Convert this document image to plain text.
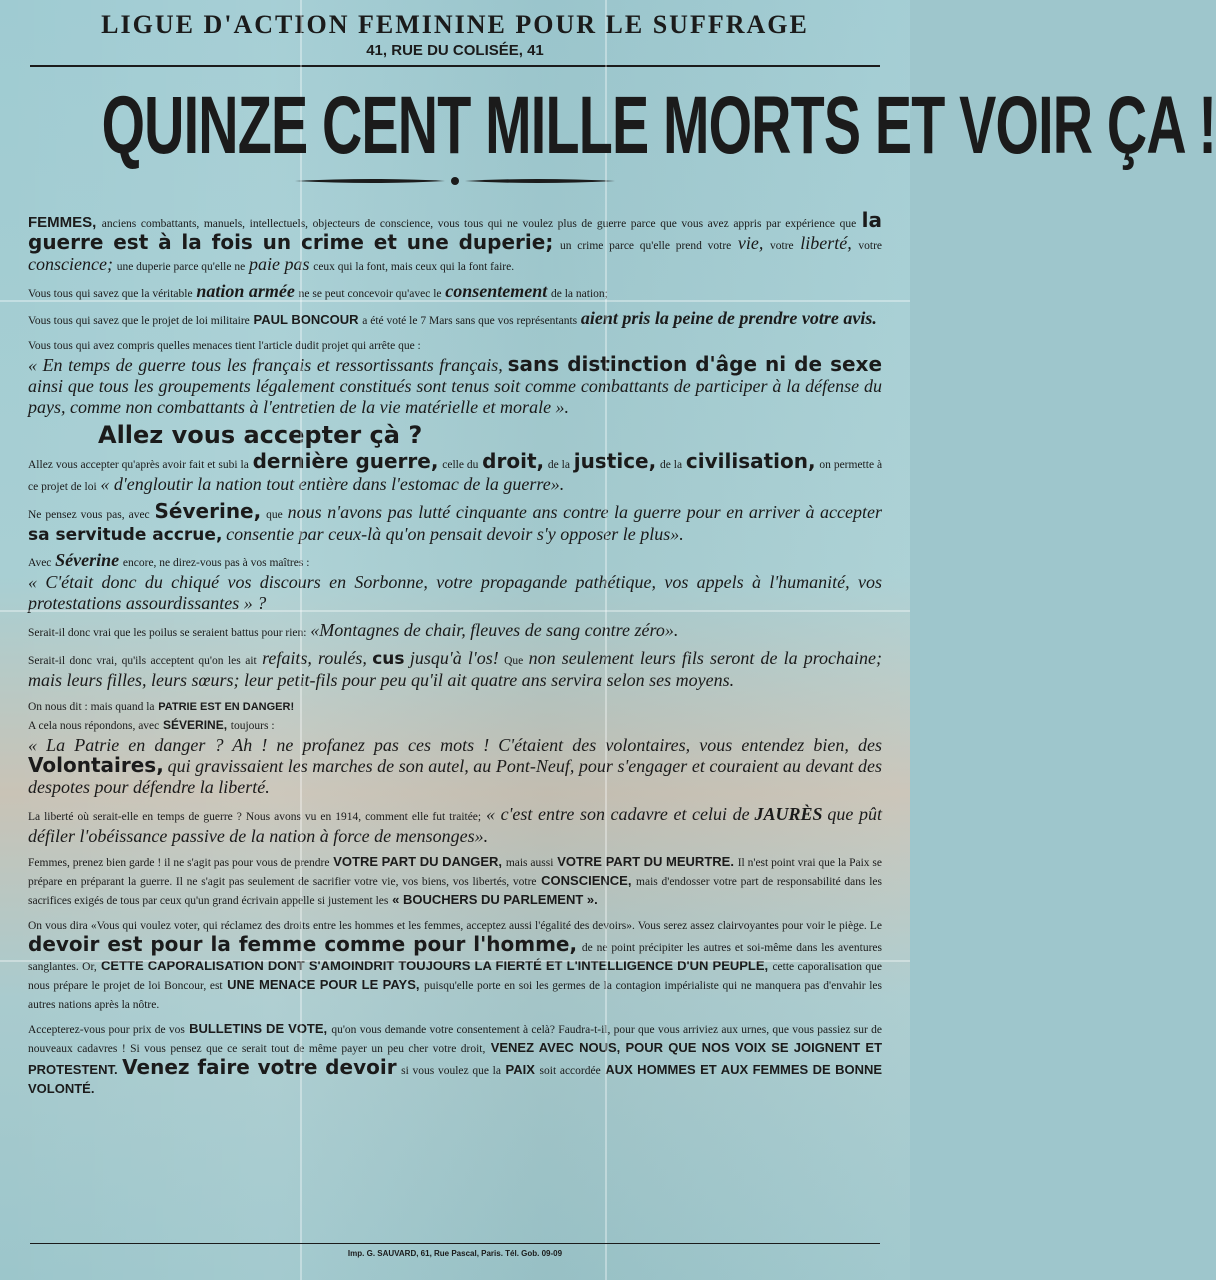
LIGUE D'ACTION FEMININE POUR LE SUFFRAGE
41, RUE DU COLISÉE, 41
QUINZE CENT MILLE MORTS ET VOIR ÇA !

FEMMES, anciens combattants, manuels, intellectuels, objecteurs de conscience, vous tous qui ne voulez plus de guerre parce que vous avez appris par expérience que la guerre est à la fois un crime et une duperie; un crime parce qu'elle prend votre vie, votre liberté, votre conscience; une duperie parce qu'elle ne paie pas ceux qui la font, mais ceux qui la font faire.

Vous tous qui savez que la véritable nation armée ne se peut concevoir qu'avec le consentement de la nation;

Vous tous qui savez que le projet de loi militaire PAUL BONCOUR a été voté le 7 Mars sans que vos représentants aient pris la peine de prendre votre avis.

Vous tous qui avez compris quelles menaces tient l'article dudit projet qui arrête que :
« En temps de guerre tous les français et ressortissants français, sans distinction d'âge ni de sexe ainsi que tous les groupements légalement constitués sont tenus soit comme combattants de participer à la défense du pays, comme non combattants à l'entretien de la vie matérielle et morale ».

Allez vous accepter çà ?

Allez vous accepter qu'après avoir fait et subi la dernière guerre, celle du droit, de la justice, de la civilisation, on permette à ce projet de loi « d'engloutir la nation tout entière dans l'estomac de la guerre».

Ne pensez vous pas, avec Séverine, que nous n'avons pas lutté cinquante ans contre la guerre pour en arriver à accepter sa servitude accrue, consentie par ceux-là qu'on pensait devoir s'y opposer le plus».

Avec Séverine encore, ne direz-vous pas à vos maîtres :
« C'était donc du chiqué vos discours en Sorbonne, votre propagande pathétique, vos appels à l'humanité, vos protestations assourdissantes » ?

Serait-il donc vrai que les poilus se seraient battus pour rien: «Montagnes de chair, fleuves de sang contre zéro».

Serait-il donc vrai, qu'ils acceptent qu'on les ait refaits, roulés, cus jusqu'à l'os! Que non seulement leurs fils seront de la prochaine; mais leurs filles, leurs sœurs; leur petit-fils pour peu qu'il ait quatre ans servira selon ses moyens.

On nous dit : mais quand la PATRIE EST EN DANGER!
A cela nous répondons, avec SÉVERINE, toujours :
« La Patrie en danger ? Ah ! ne profanez pas ces mots ! C'étaient des volontaires, vous entendez bien, des Volontaires, qui gravissaient les marches de son autel, au Pont-Neuf, pour s'engager et couraient au devant des despotes pour défendre la liberté.

La liberté où serait-elle en temps de guerre ? Nous avons vu en 1914, comment elle fut traitée; « c'est entre son cadavre et celui de JAURÈS que pût défiler l'obéissance passive de la nation à force de mensonges».

Femmes, prenez bien garde ! il ne s'agit pas pour vous de prendre VOTRE PART DU DANGER, mais aussi VOTRE PART DU MEURTRE. Il n'est point vrai que la Paix se prépare en préparant la guerre. Il ne s'agit pas seulement de sacrifier votre vie, vos biens, vos libertés, votre CONSCIENCE, mais d'endosser votre part de responsabilité dans les sacrifices exigés de tous par ceux qu'un grand écrivain appelle si justement les « BOUCHERS DU PARLEMENT ».

On vous dira «Vous qui voulez voter, qui réclamez des droits entre les hommes et les femmes, acceptez aussi l'égalité des devoirs». Vous serez assez clairvoyantes pour voir le piège. Le devoir est pour la femme comme pour l'homme, de ne point précipiter les autres et soi-même dans les aventures sanglantes. Or, CETTE CAPORALISATION DONT S'AMOINDRIT TOUJOURS LA FIERTÉ ET L'INTELLIGENCE D'UN PEUPLE, cette caporalisation que nous prépare le projet de loi Boncour, est UNE MENACE POUR LE PAYS, puisqu'elle porte en soi les germes de la contagion impérialiste qui ne manquera pas d'envahir les autres nations après la nôtre.

Accepterez-vous pour prix de vos BULLETINS DE VOTE, qu'on vous demande votre consentement à celà? Faudra-t-il, pour que vous arriviez aux urnes, que vous passiez sur de nouveaux cadavres ! Si vous pensez que ce serait tout de même payer un peu cher votre droit, VENEZ AVEC NOUS, POUR QUE NOS VOIX SE JOIGNENT ET PROTESTENT. Venez faire votre devoir si vous voulez que la PAIX soit accordée AUX HOMMES ET AUX FEMMES DE BONNE VOLONTÉ.

Imp. G. SAUVARD, 61, Rue Pascal, Paris. Tél. Gob. 09-09
